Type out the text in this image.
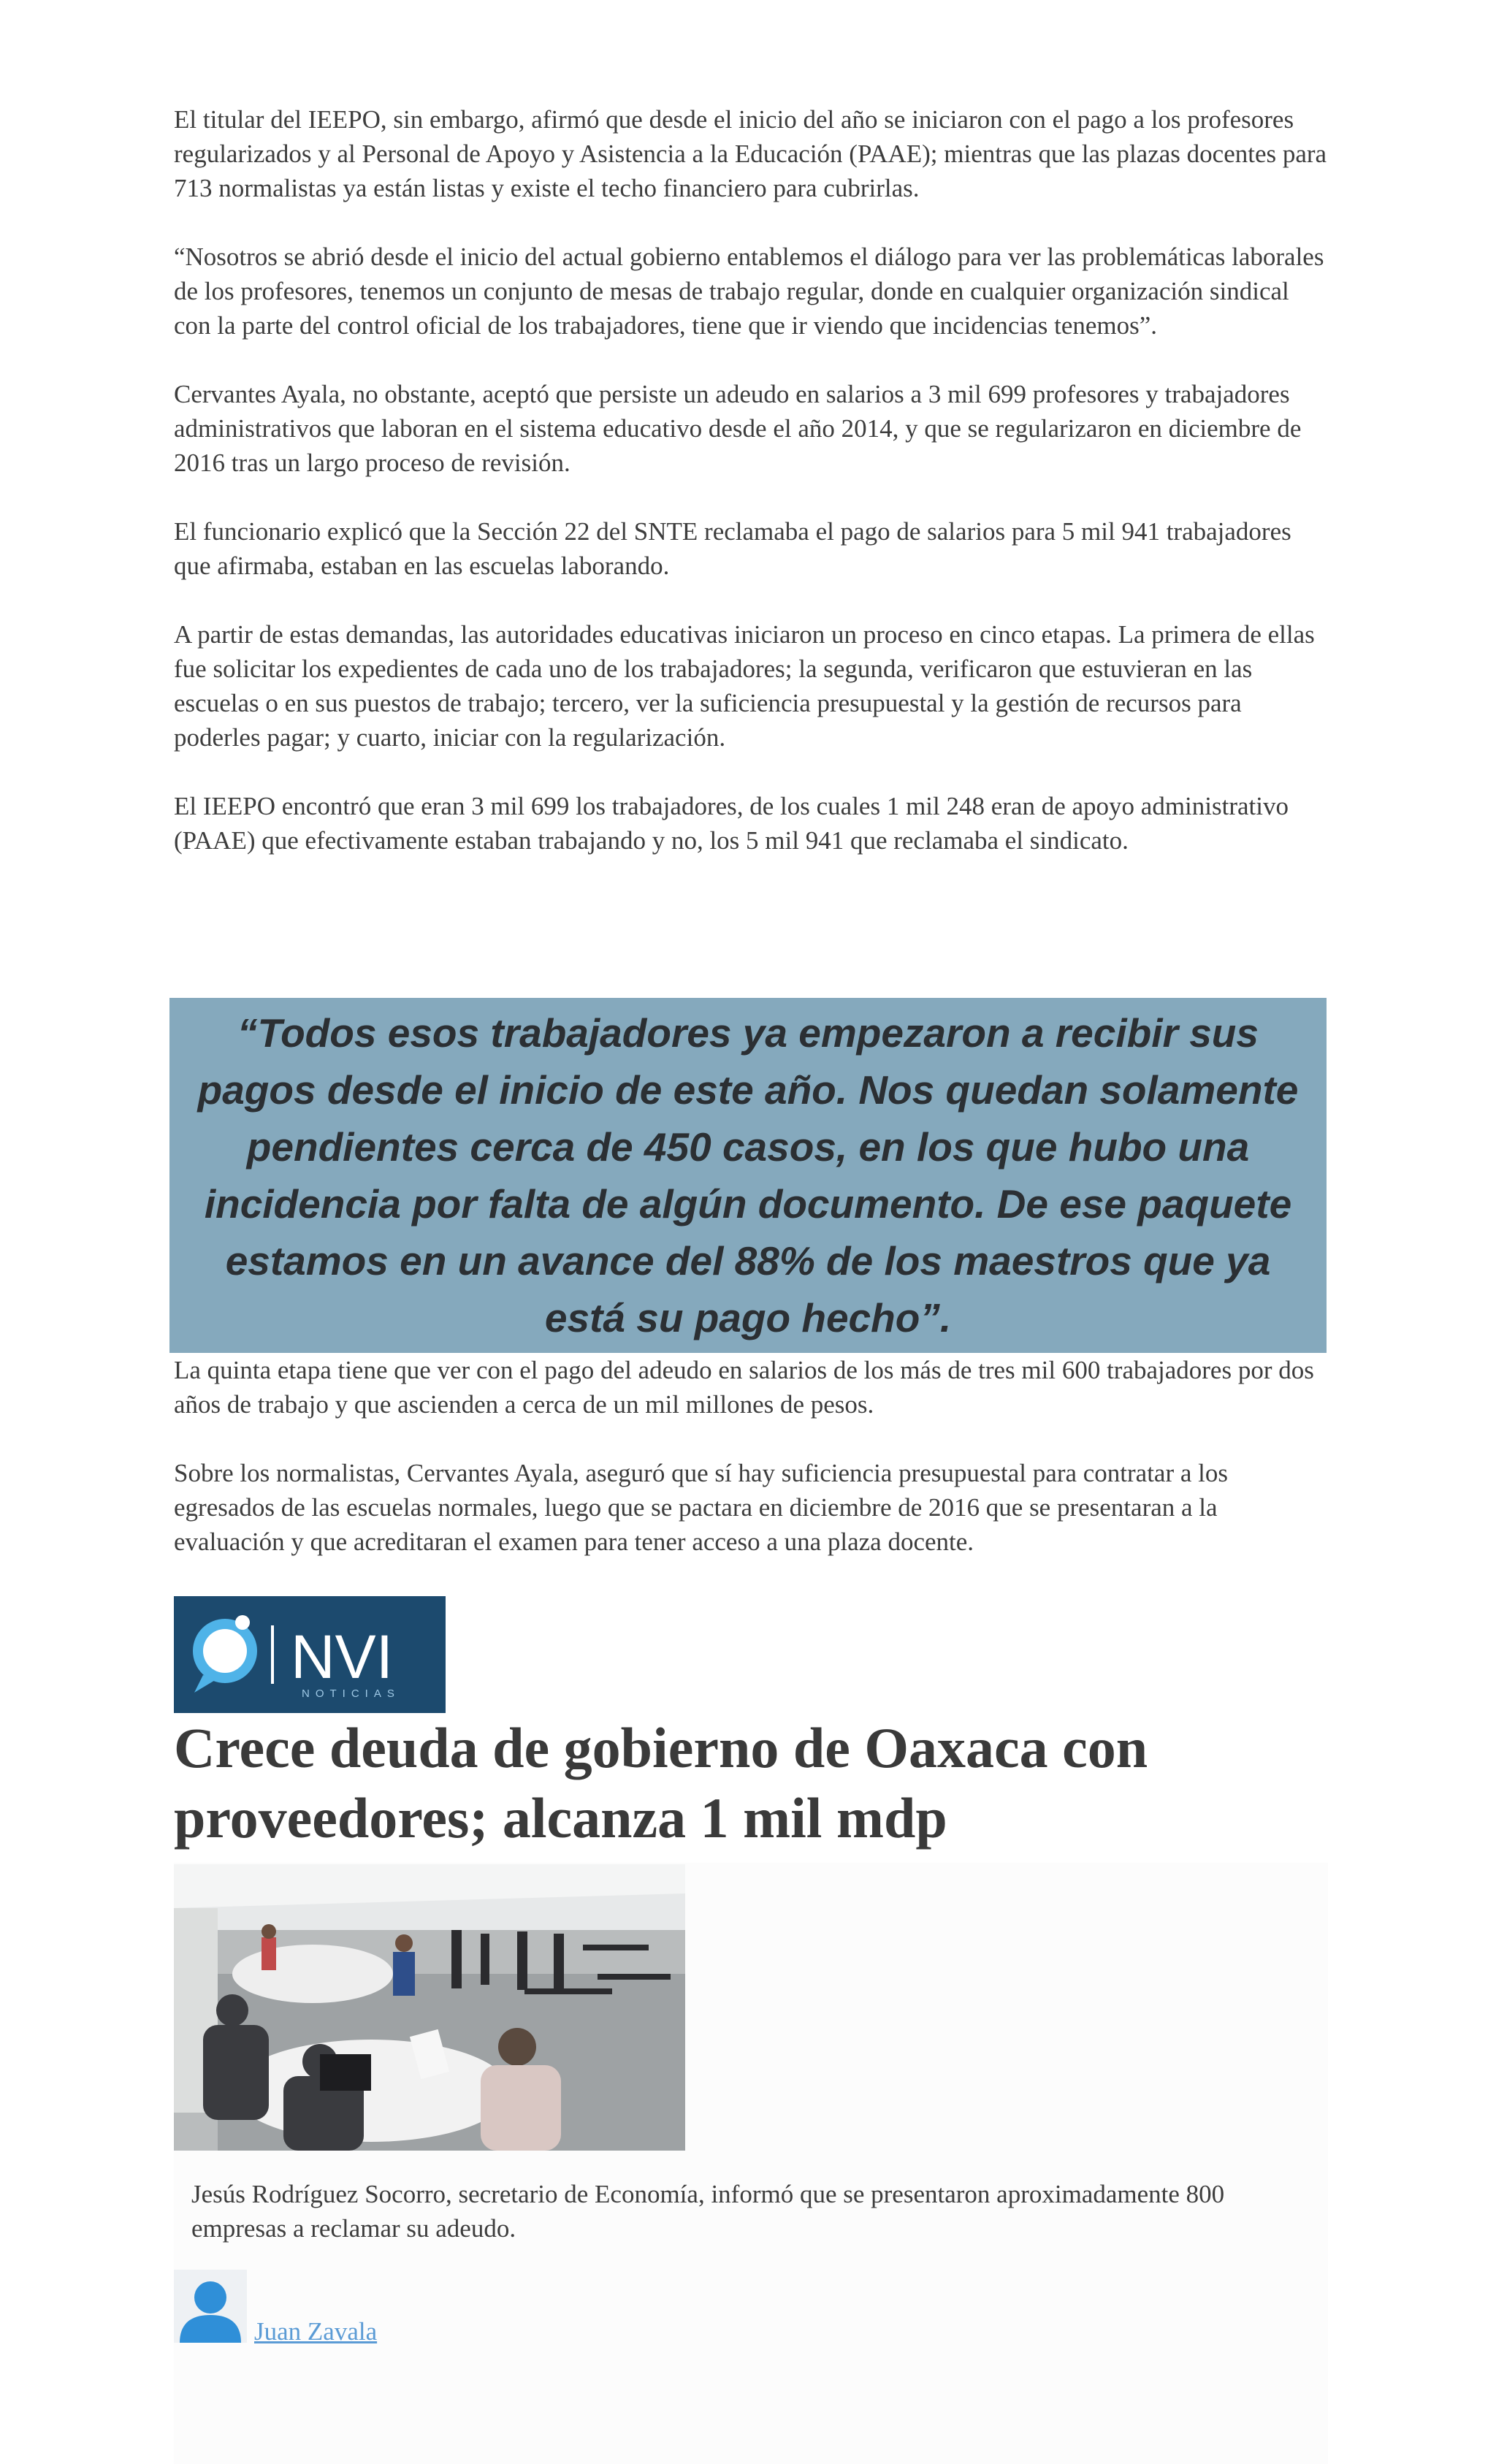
El titular del IEEPO, sin embargo, afirmó que desde el inicio del año se iniciaron con el pago a los profesores regularizados y al Personal de Apoyo y Asistencia a la Educación (PAAE); mientras que las plazas docentes para 713 normalistas ya están listas y existe el techo financiero para cubrirlas.

“Nosotros se abrió desde el inicio del actual gobierno entablemos el diálogo para ver las problemáticas laborales de los profesores, tenemos un conjunto de mesas de trabajo regular, donde en cualquier organización sindical con la parte del control oficial de los trabajadores, tiene que ir viendo que incidencias tenemos”.

Cervantes Ayala, no obstante, aceptó que persiste un adeudo en salarios a 3 mil 699 profesores y trabajadores administrativos que laboran en el sistema educativo desde el año 2014, y que se regularizaron en diciembre de 2016 tras un largo proceso de revisión.

El funcionario explicó que la Sección 22 del SNTE reclamaba el pago de salarios para 5 mil 941 trabajadores que afirmaba, estaban en las escuelas laborando.

A partir de estas demandas, las autoridades educativas iniciaron un proceso en cinco etapas. La primera de ellas fue solicitar los expedientes de cada uno de los trabajadores; la segunda, verificaron que estuvieran en las escuelas o en sus puestos de trabajo; tercero, ver la suficiencia presupuestal y la gestión de recursos para poderles pagar; y cuarto, iniciar con la regularización.

El IEEPO encontró que eran 3 mil 699 los trabajadores, de los cuales 1 mil 248 eran de apoyo administrativo (PAAE) que efectivamente estaban trabajando y no, los 5 mil 941 que reclamaba el sindicato.

“Todos esos trabajadores ya empezaron a recibir sus pagos desde el inicio de este año. Nos quedan solamente pendientes cerca de 450 casos, en los que hubo una incidencia por falta de algún documento. De ese paquete estamos en un avance del 88% de los maestros que ya está su pago hecho”.

La quinta etapa tiene que ver con el pago del adeudo en salarios de los más de tres mil 600 trabajadores por dos años de trabajo y que ascienden a cerca de un mil millones de pesos.

Sobre los normalistas, Cervantes Ayala, aseguró que sí hay suficiencia presupuestal para contratar a los egresados de las escuelas normales, luego que se pactara en diciembre de 2016 que se presentaran a la evaluación y que acreditaran el examen para tener acceso a una plaza docente.

NVI
NOTICIAS
Crece deuda de gobierno de Oaxaca con proveedores; alcanza 1 mil mdp

Jesús Rodríguez Socorro, secretario de Economía, informó que se presentaron aproximadamente 800 empresas a reclamar su adeudo.

Juan Zavala
